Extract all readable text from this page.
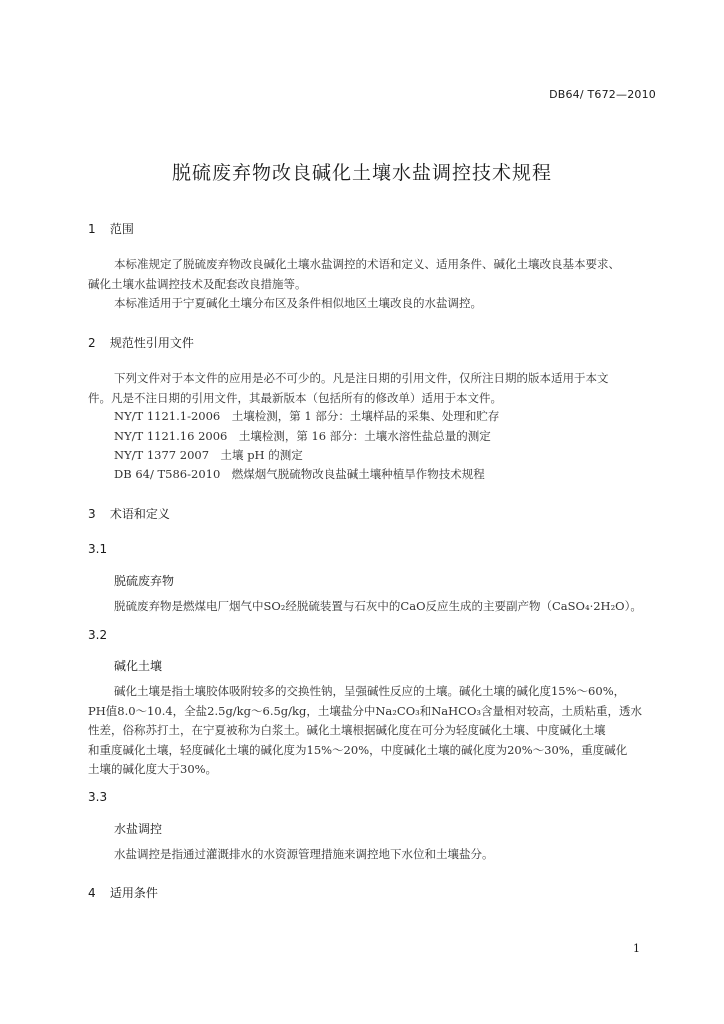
DB64/ T672—2010
脱硫废弃物改良碱化土壤水盐调控技术规程
1 范围
本标准规定了脱硫废弃物改良碱化土壤水盐调控的术语和定义、适用条件、碱化土壤改良基本要求、
碱化土壤水盐调控技术及配套改良措施等。
本标准适用于宁夏碱化土壤分布区及条件相似地区土壤改良的水盐调控。
2 规范性引用文件
下列文件对于本文件的应用是必不可少的。凡是注日期的引用文件，仅所注日期的版本适用于本文
件。凡是不注日期的引用文件，其最新版本（包括所有的修改单）适用于本文件。
NY/T 1121.1-2006　土壤检测，第 1 部分：土壤样品的采集、处理和贮存
NY/T 1121.16 2006　土壤检测，第 16 部分：土壤水溶性盐总量的测定
NY/T 1377 2007　土壤 pH 的测定
DB 64/ T586-2010　燃煤烟气脱硫物改良盐碱土壤种植旱作物技术规程
3 术语和定义
3.1
脱硫废弃物
脱硫废弃物是燃煤电厂烟气中SO₂经脱硫装置与石灰中的CaO反应生成的主要副产物（CaSO₄·2H₂O）。
3.2
碱化土壤
碱化土壤是指土壤胶体吸附较多的交换性钠，呈强碱性反应的土壤。碱化土壤的碱化度15%～60%，
PH值8.0～10.4，全盐2.5g/kg～6.5g/kg，土壤盐分中Na₂CO₃和NaHCO₃含量相对较高，土质粘重，透水
性差，俗称苏打土，在宁夏被称为白浆土。碱化土壤根据碱化度在可分为轻度碱化土壤、中度碱化土壤
和重度碱化土壤，轻度碱化土壤的碱化度为15%～20%，中度碱化土壤的碱化度为20%～30%，重度碱化
土壤的碱化度大于30%。
3.3
水盐调控
水盐调控是指通过灌溉排水的水资源管理措施来调控地下水位和土壤盐分。
4 适用条件
1
